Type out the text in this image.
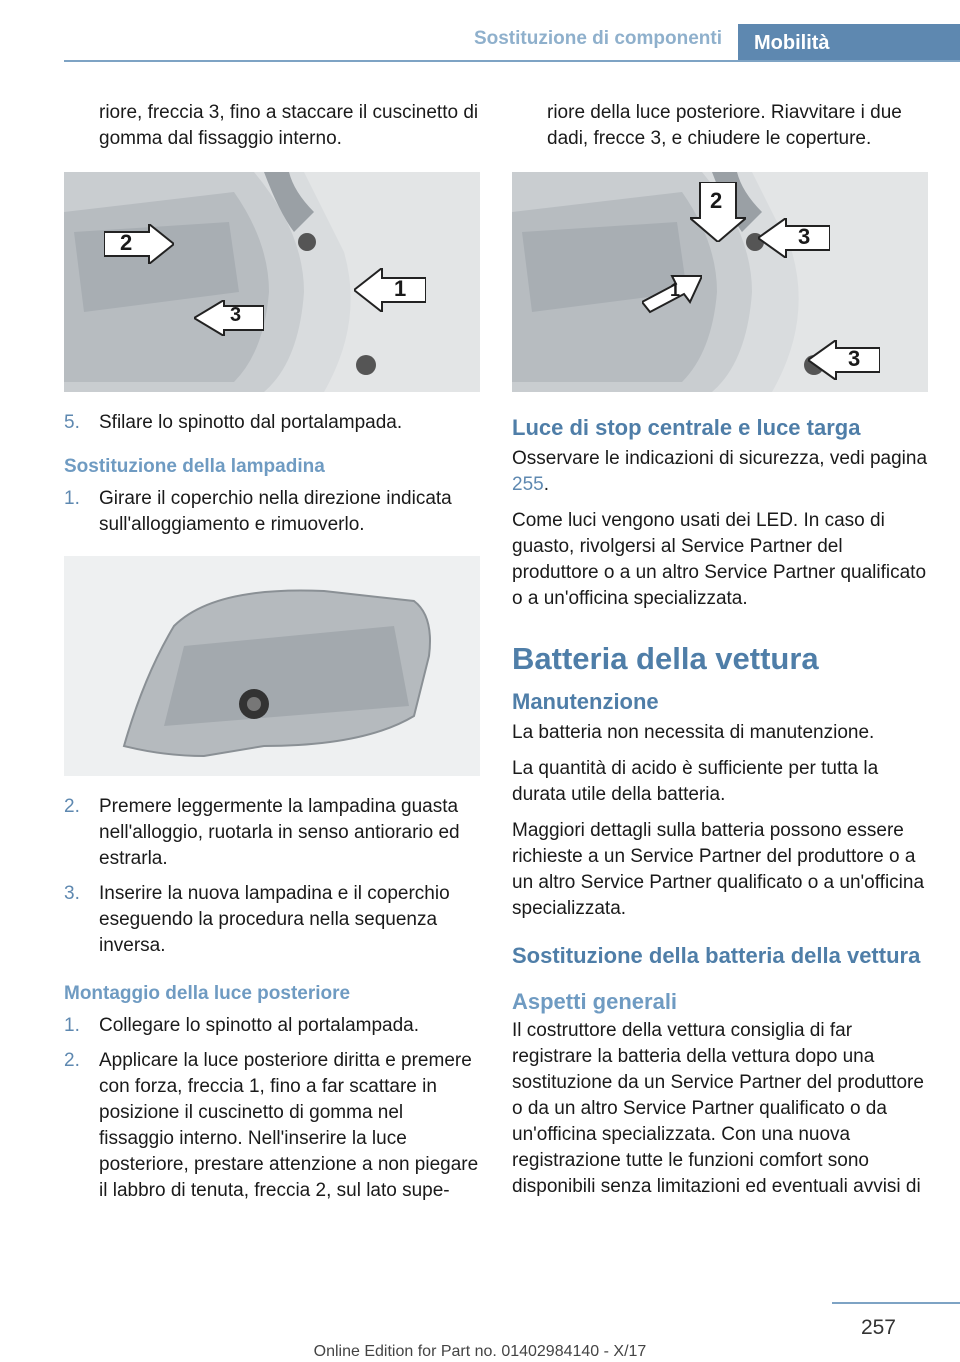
Sostituzione di componenti	Mobilità

riore, freccia 3, fino a staccare il cuscinetto di gomma dal fissaggio interno.

2
3
1
5. Sfilare lo spinotto dal portalampada.
Sostituzione della lampadina
1. Girare il coperchio nella direzione indicata sull'alloggiamento e rimuoverlo.
2. Premere leggermente la lampadina guasta nell'alloggio, ruotarla in senso antiorario ed estrarla.
3. Inserire la nuova lampadina e il coperchio eseguendo la procedura nella sequenza inversa.
Montaggio della luce posteriore
1. Collegare lo spinotto al portalampada.
2. Applicare la luce posteriore diritta e premere con forza, freccia 1, fino a far scattare in posizione il cuscinetto di gomma nel fissaggio interno. Nell'inserire la luce posteriore, prestare attenzione a non piegare il labbro di tenuta, freccia 2, sul lato supe-

riore della luce posteriore. Riavvitare i due dadi, frecce 3, e chiudere le coperture.

2
3
1
3
Luce di stop centrale e luce targa

Osservare le indicazioni di sicurezza, vedi pagina 255.

Come luci vengono usati dei LED. In caso di guasto, rivolgersi al Service Partner del produttore o a un altro Service Partner qualificato o a un'officina specializzata.

Batteria della vettura
Manutenzione

La batteria non necessita di manutenzione.

La quantità di acido è sufficiente per tutta la durata utile della batteria.

Maggiori dettagli sulla batteria possono essere richieste a un Service Partner del produttore o a un altro Service Partner qualificato o a un'officina specializzata.

Sostituzione della batteria della vettura
Aspetti generali

Il costruttore della vettura consiglia di far registrare la batteria della vettura dopo una sostituzione da un Service Partner del produttore o da un altro Service Partner qualificato o da un'officina specializzata. Con una nuova registrazione tutte le funzioni comfort sono disponibili senza limitazioni ed eventuali avvisi di

257
Online Edition for Part no. 01402984140 - X/17
